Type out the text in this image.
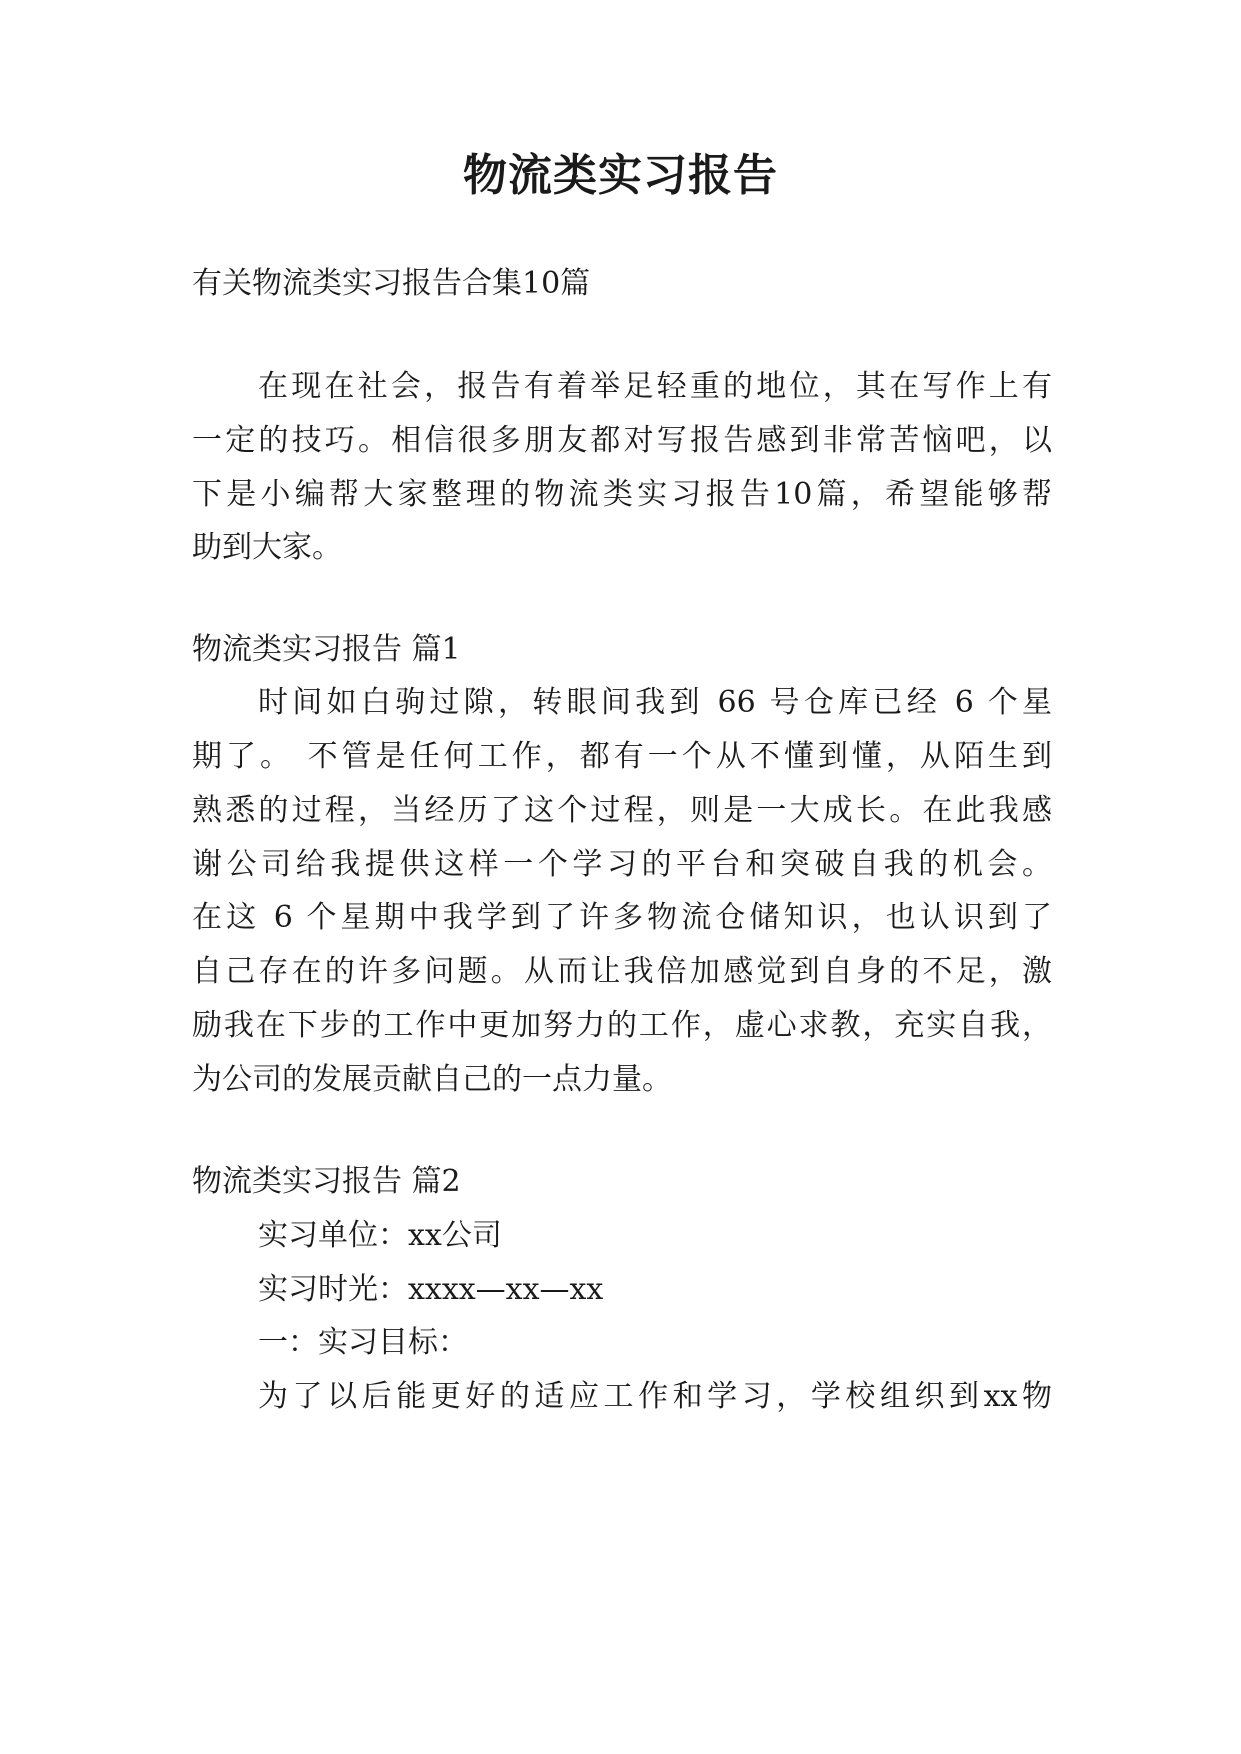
物流类实习报告
有关物流类实习报告合集10篇
在现在社会，报告有着举足轻重的地位，其在写作上有
一定的技巧。相信很多朋友都对写报告感到非常苦恼吧，以
下是小编帮大家整理的物流类实习报告10篇，希望能够帮
助到大家。
物流类实习报告 篇1
时间如白驹过隙，转眼间我到 66 号仓库已经 6 个星
期了。 不管是任何工作，都有一个从不懂到懂，从陌生到
熟悉的过程，当经历了这个过程，则是一大成长。在此我感
谢公司给我提供这样一个学习的平台和突破自我的机会。
在这 6 个星期中我学到了许多物流仓储知识，也认识到了
自己存在的许多问题。从而让我倍加感觉到自身的不足，激
励我在下步的工作中更加努力的工作，虚心求教，充实自我，
为公司的发展贡献自己的一点力量。
物流类实习报告 篇2
实习单位：xx公司
实习时光：xxxx—xx—xx
一：实习目标：
为了以后能更好的适应工作和学习，学校组织到xx物
